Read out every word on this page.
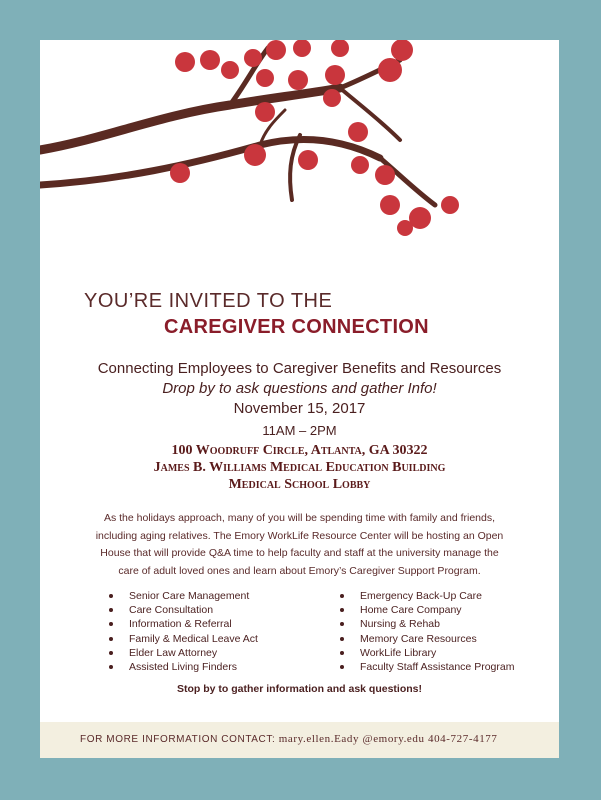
YOU’RE INVITED TO THE
CAREGIVER CONNECTION
Connecting Employees to Caregiver Benefits and Resources
Drop by to ask questions and gather Info!
November 15, 2017
11AM – 2PM
100 Woodruff Circle, Atlanta, GA 30322
James B. Williams Medical Education Building
Medical School Lobby
As the holidays approach, many of you will be spending time with family and friends, including aging relatives. The Emory WorkLife Resource Center will be hosting an Open House that will provide Q&A time to help faculty and staff at the university manage the care of adult loved ones and learn about Emory’s Caregiver Support Program.
Senior Care Management
Care Consultation
Information & Referral
Family & Medical Leave Act
Elder Law Attorney
Assisted Living Finders
Emergency Back-Up Care
Home Care Company
Nursing & Rehab
Memory Care Resources
WorkLife Library
Faculty Staff Assistance Program
Stop by to gather information and ask questions!
FOR MORE INFORMATION CONTACT: mary.ellen.Eady @emory.edu 404-727-4177
